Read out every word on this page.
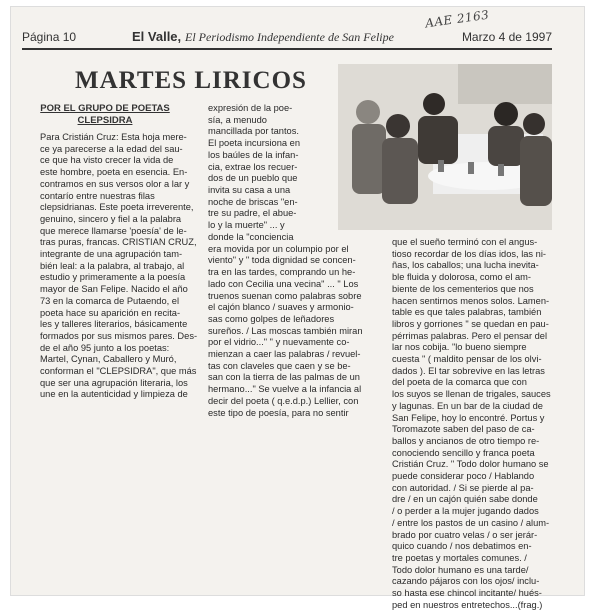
AAE 2163
Página 10	El Valle, El Periodismo Independiente de San Felipe	Marzo 4 de 1997
MARTES LIRICOS
POR EL GRUPO DE POETAS
CLEPSIDRA
Para Cristián Cruz: Esta hoja mere-
ce ya parecerse a la edad del sau-
ce que ha visto crecer la vida de
este hombre, poeta en esencia. En-
contramos en sus versos olor a lar y
contarío entre nuestras filas
clepsidrianas. Este poeta irreverente,
genuino, sincero y fiel a la palabra
que merece llamarse 'poesía' de le-
tras puras, francas. CRISTIAN CRUZ,
integrante de una agrupación tam-
bién leal: a la palabra, al trabajo, al
estudio y primeramente a la poesía
mayor de San Felipe. Nacido el año
73 en la comarca de Putaendo, el
poeta hace su aparición en recita-
les y talleres literarios, básicamente
formados por sus mismos pares. Des-
de el año 95 junto a los poetas:
Martel, Cynan, Caballero y Muró,
conforman el "CLEPSIDRA", que más
que ser una agrupación literaria, los
une en la autenticidad y limpieza de
expresión de la poe-
sía, a menudo
mancillada por tantos.
El poeta incursiona en
los baúles de la infan-
cia, extrae los recuer-
dos de un pueblo que
invita su casa a una
noche de briscas "en-
tre su padre, el abue-
lo y la muerte" ... y
donde la "conciencia
era movida por un columpio por el
viento" y " toda dignidad se concen-
tra en las tardes, comprando un he-
lado con Cecilia una vecina" ... " Los
truenos suenan como palabras sobre
el cajón blanco / suaves y armonio-
sas como golpes de leñadores
sureños. / Las moscas también miran
por el vidrio..." " y nuevamente co-
mienzan a caer las palabras / revuel-
tas con claveles que caen y se be-
san con la tierra de las palmas de un
hermano..." Se vuelve a la infancia al
decir del poeta ( q.e.d.p.) Lellier, con
este tipo de poesía, para no sentir
que el sueño terminó con el angus-
tioso recordar de los días idos, las ni-
ñas, los caballos; una lucha inevita-
ble fluida y dolorosa, como el am-
biente de los cementerios que nos
hacen sentirnos menos solos. Lamen-
table es que tales palabras, también
libros y gorriones " se quedan en pau-
pérrimas palabras. Pero el pensar del
lar nos cobija. "lo bueno siempre
cuesta " ( maldito pensar de los olvi-
dados ). El tar sobrevive en las letras
del poeta de la comarca que con
los suyos se llenan de trigales, sauces
y lagunas. En un bar de la ciudad de
San Felipe, hoy lo encontré. Portus y
Toromazote saben del paso de ca-
ballos y ancianos de otro tiempo re-
conociendo sencillo y franca poeta
Cristián Cruz. " Todo dolor humano se
puede considerar poco / Hablando
con autoridad. / Si se pierde al pa-
dre / en un cajón quién sabe donde
/ o perder a la mujer jugando dados
/ entre los pastos de un casino / alum-
brado por cuatro velas / o ser jerár-
quico cuando / nos debatimos en-
tre poetas y mortales comunes. /
Todo dolor humano es una tarde/
cazando pájaros con los ojos/ inclu-
so hasta ese chincol incitante/ hués-
ped en nuestros entretechos...(frag.)
